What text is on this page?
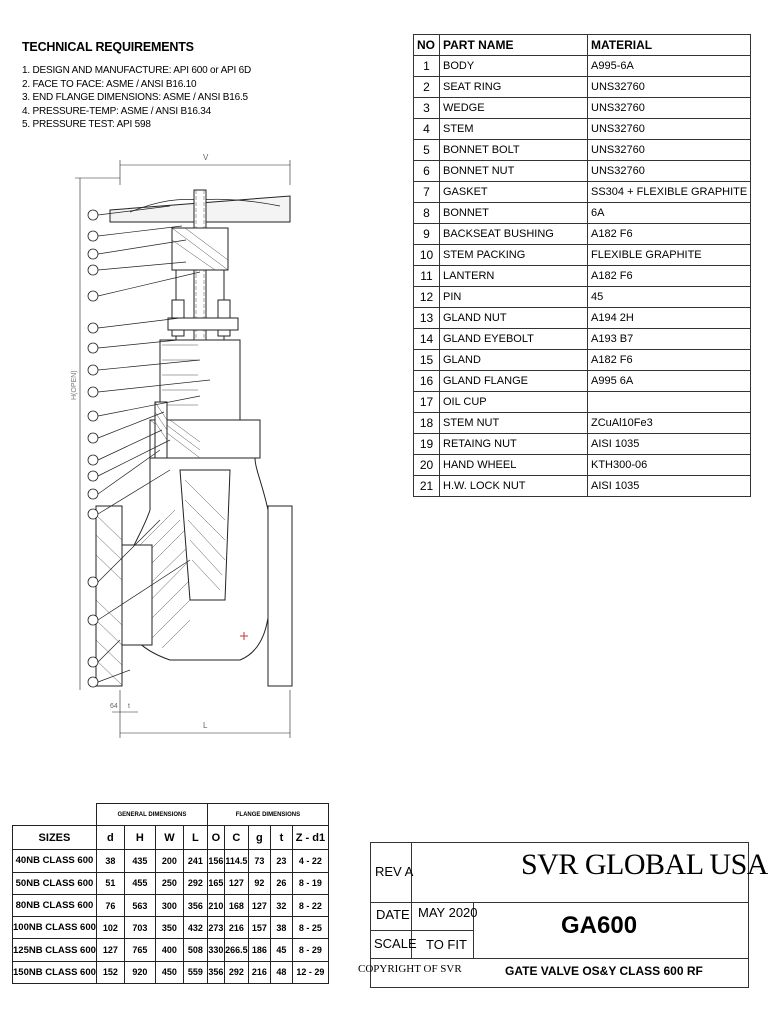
TECHNICAL REQUIREMENTS
1. DESIGN AND MANUFACTURE: API 600 or API 6D
2. FACE TO FACE: ASME / ANSI B16.10
3. END FLANGE DIMENSIONS: ASME / ANSI B16.5
4. PRESSURE-TEMP: ASME / ANSI B16.34
5. PRESSURE TEST: API 598
NO	PART NAME	MATERIAL
1	BODY	A995-6A
2	SEAT RING	UNS32760
3	WEDGE	UNS32760
4	STEM	UNS32760
5	BONNET BOLT	UNS32760
6	BONNET NUT	UNS32760
7	GASKET	SS304 + FLEXIBLE GRAPHITE
8	BONNET	6A
9	BACKSEAT BUSHING	A182 F6
10	STEM PACKING	FLEXIBLE GRAPHITE
11	LANTERN	A182 F6
12	PIN	45
13	GLAND NUT	A194 2H
14	GLAND EYEBOLT	A193 B7
15	GLAND	A182 F6
16	GLAND FLANGE	A995 6A
17	OIL CUP	
18	STEM NUT	ZCuAl10Fe3
19	RETAING NUT	AISI 1035
20	HAND WHEEL	KTH300-06
21	H.W. LOCK NUT	AISI 1035
V
L
H(OPEN)
64 t
	GENERAL DIMENSIONS				FLANGE DIMENSIONS				
SIZES	d	H	W	L	O	C	g	t	Z - d1
40NB CLASS 600	38	435	200	241	156	114.5	73	23	4 - 22
50NB CLASS 600	51	455	250	292	165	127	92	26	8 - 19
80NB CLASS 600	76	563	300	356	210	168	127	32	8 - 22
100NB CLASS 600	102	703	350	432	273	216	157	38	8 - 25
125NB CLASS 600	127	765	400	508	330	266.5	186	45	8 - 29
150NB CLASS 600	152	920	450	559	356	292	216	48	12 - 29
REV A	SVR GLOBAL USA
DATE MAY 2020
SCALE TO FIT
GA600
COPYRIGHT OF SVR	GATE VALVE OS&Y CLASS 600 RF
